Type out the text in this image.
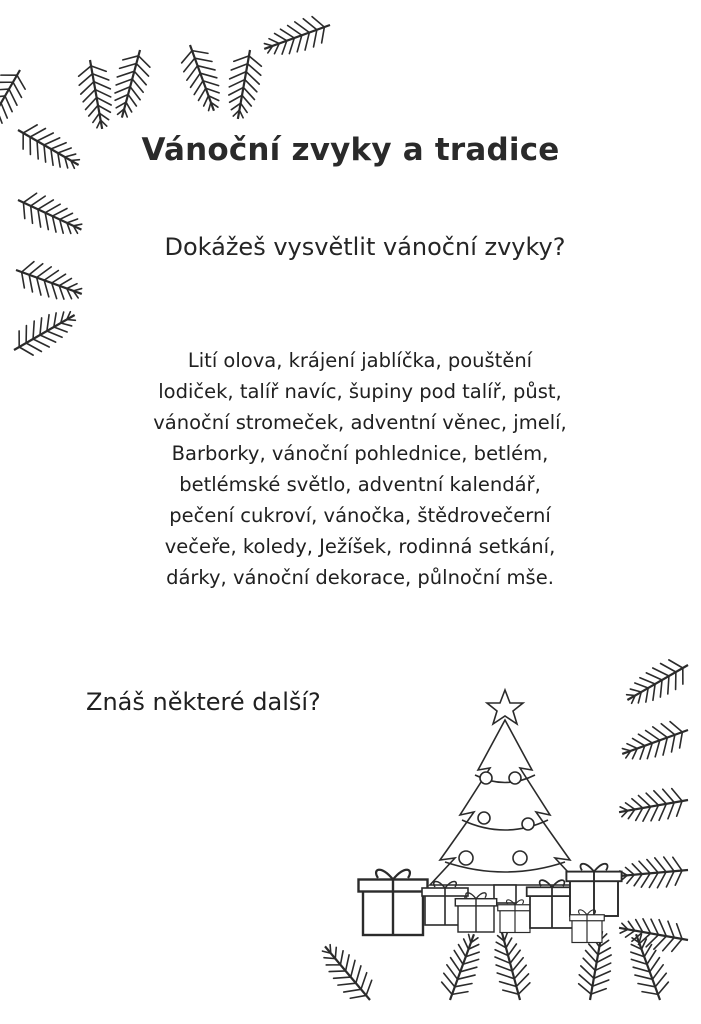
Vánoční zvyky a tradice
Dokážeš vysvětlit vánoční zvyky?
Lití olova, krájení jablíčka, pouštění
lodiček, talíř navíc, šupiny pod talíř, půst,
vánoční stromeček, adventní věnec, jmelí,
Barborky, vánoční pohlednice, betlém,
betlémské světlo, adventní kalendář,
pečení cukroví, vánočka, štědrovečerní
večeře, koledy, Ježíšek, rodinná setkání,
dárky, vánoční dekorace, půlnoční mše.
Znáš některé další?
